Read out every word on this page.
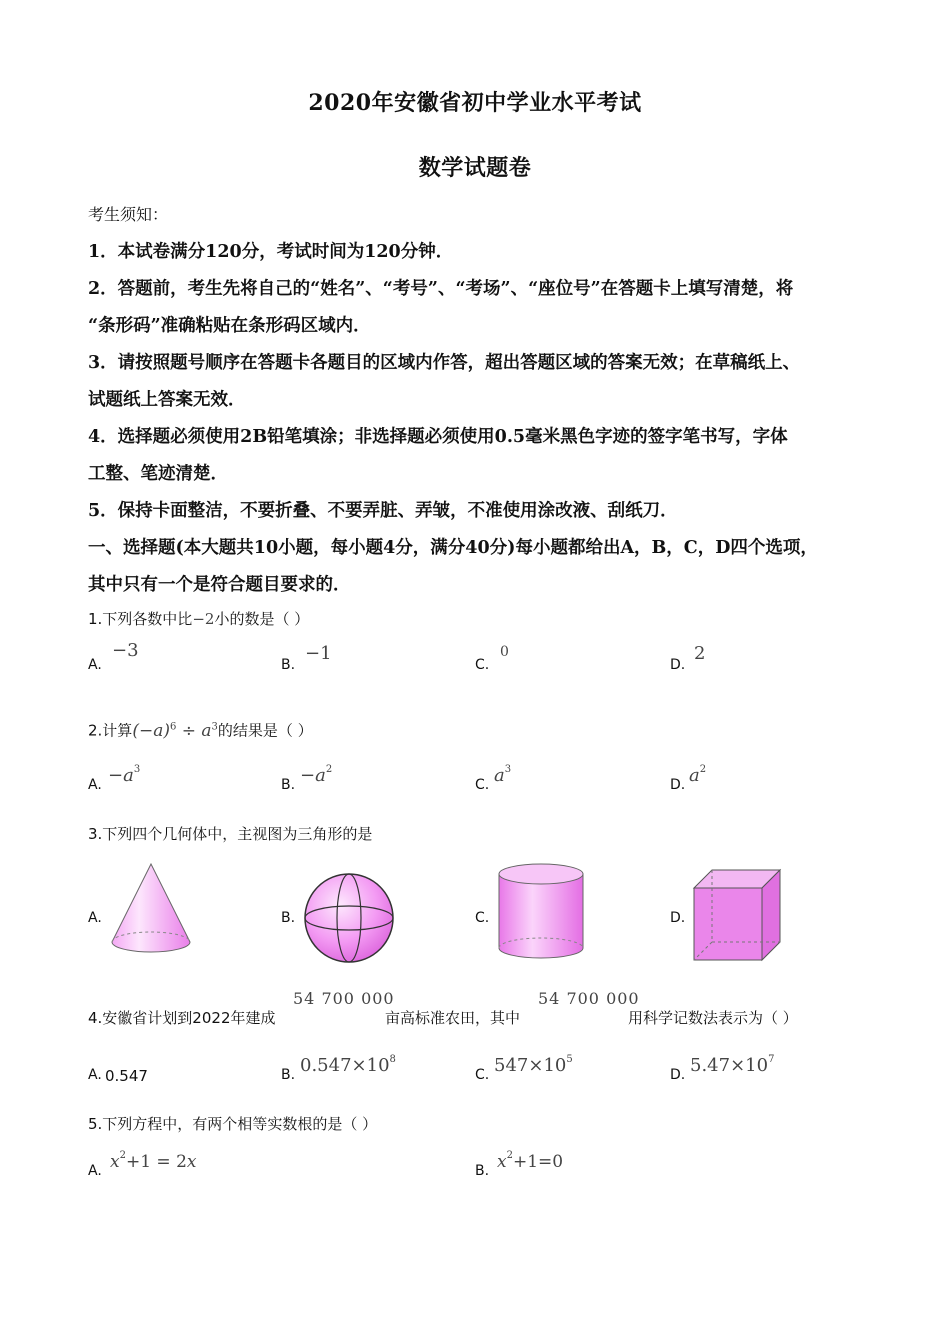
2020年安徽省初中学业水平考试
数学试题卷
考生须知：
1．本试卷满分120分，考试时间为120分钟．
2．答题前，考生先将自己的“姓名”、“考号”、“考场”、“座位号”在答题卡上填写清楚，将
“条形码”准确粘贴在条形码区域内．
3．请按照题号顺序在答题卡各题目的区域内作答，超出答题区域的答案无效；在草稿纸上、
试题纸上答案无效．
4．选择题必须使用2B铅笔填涂；非选择题必须使用0.5毫米黑色字迹的签字笔书写，字体
工整、笔迹清楚．
5．保持卡面整洁，不要折叠、不要弄脏、弄皱，不准使用涂改液、刮纸刀．
一、选择题(本大题共10小题，每小题4分，满分40分)每小题都给出A，B，C，D四个选项，
其中只有一个是符合题目要求的．
1.下列各数中比−2小的数是（ ）
A.
−3
B.
−1
C.
0
D.
2
2.计算$(-a)^6 \div a^3$的结果是（ ）
A. $-a^3$
B. $-a^2$
C. $a^3$
D. $a^2$
3.下列四个几何体中，主视图为三角形的是
A.	B.	C.	D.
4.安徽省计划到2022年建成
54 700 000
亩高标准农田，其中
54 700 000
用科学记数法表示为（ ）
A. 0.547	B. $0.547\times 10^8$
C. $547\times 10^5$
D. $5.47\times 10^7$
5.下列方程中，有两个相等实数根的是（ ）
A. $x^2+1 = 2x$	B. $x^2+1=0$
